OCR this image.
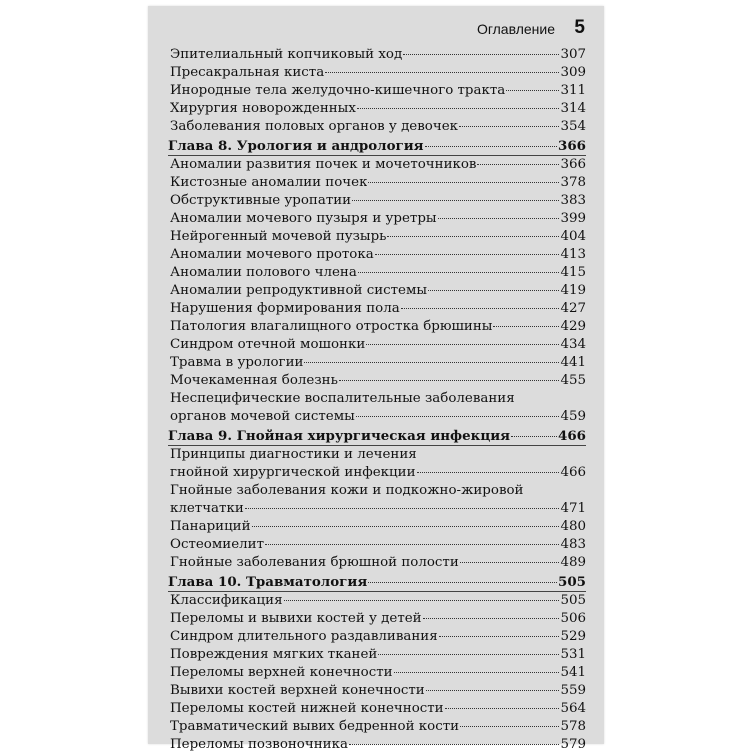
Оглавление 5
Эпителиальный копчиковый ход	307
Пресакральная киста	309
Инородные тела желудочно-кишечного тракта	311
Хирургия новорожденных	314
Заболевания половых органов у девочек	354
Глава 8. Урология и андрология	366
Аномалии развития почек и мочеточников	366
Кистозные аномалии почек	378
Обструктивные уропатии	383
Аномалии мочевого пузыря и уретры	399
Нейрогенный мочевой пузырь	404
Аномалии мочевого протока	413
Аномалии полового члена	415
Аномалии репродуктивной системы	419
Нарушения формирования пола	427
Патология влагалищного отростка брюшины	429
Синдром отечной мошонки	434
Травма в урологии	441
Мочекаменная болезнь	455
Неспецифические воспалительные заболевания
органов мочевой системы	459
Глава 9. Гнойная хирургическая инфекция	466
Принципы диагностики и лечения
гнойной хирургической инфекции	466
Гнойные заболевания кожи и подкожно-жировой
клетчатки	471
Панариций	480
Остеомиелит	483
Гнойные заболевания брюшной полости	489
Глава 10. Травматология	505
Классификация	505
Переломы и вывихи костей у детей	506
Синдром длительного раздавливания	529
Повреждения мягких тканей	531
Переломы верхней конечности	541
Вывихи костей верхней конечности	559
Переломы костей нижней конечности	564
Травматический вывих бедренной кости	578
Переломы позвоночника	579
